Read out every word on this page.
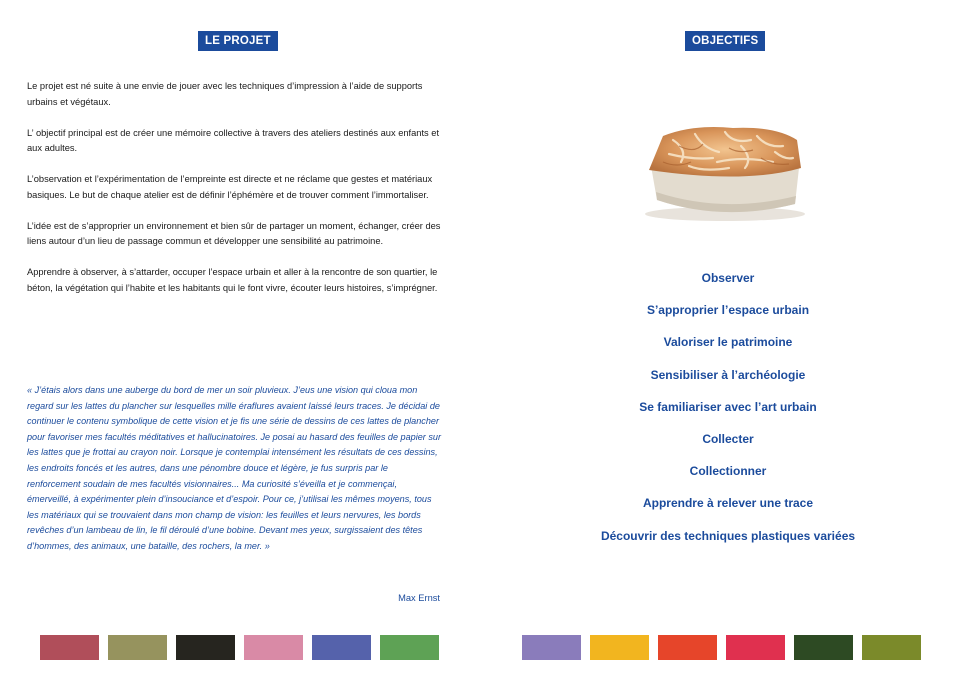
LE PROJET

Le projet est né suite à une envie de jouer avec les techniques d’impression à l’aide de supports urbains et végétaux.

L’ objectif principal est de créer une mémoire collective à travers des ateliers destinés aux enfants et aux adultes.

L’observation et l’expérimentation de l’empreinte est directe et ne réclame que gestes et matériaux basiques. Le but de chaque atelier est de définir l’éphémère et de trouver comment l’immortaliser.

L’idée est de s’approprier un environnement et bien sûr de partager un moment, échanger, créer des liens autour d’un lieu de passage commun et développer une sensibilité au patrimoine.

Apprendre à observer, à s’attarder, occuper l’espace urbain et aller à la rencontre de son quartier, le béton, la végétation qui l’habite et les habitants qui le font vivre, écouter leurs histoires, s’imprégner.

« J’étais alors dans une auberge du bord de mer un soir pluvieux. J’eus une vision qui cloua mon regard sur les lattes du plancher sur lesquelles mille éraflures avaient laissé leurs traces. Je décidai de continuer le contenu symbolique de cette vision et je fis une série de dessins de ces lattes de plancher pour favoriser mes facultés méditatives et hallucinatoires. Je posai au hasard des feuilles de papier sur les lattes que je frottai au crayon noir. Lorsque je contemplai intensément les résultats de ces dessins, les endroits foncés et les autres, dans une pénombre douce et légère, je fus surpris par le renforcement soudain de mes facultés visionnaires... Ma curiosité s’éveilla et je commençai, émerveillé, à expérimenter plein d’insouciance et d’espoir. Pour ce, j’utilisai les mêmes moyens, tous les matériaux qui se trouvaient dans mon champ de vision: les feuilles et leurs nervures, les bords revêches d’un lambeau de lin, le fil déroulé d’une bobine. Devant mes yeux, surgissaient des têtes d’hommes, des animaux, une bataille, des rochers, la mer. »
Max Ernst
OBJECTIFS
Observer
S’approprier l’espace urbain
Valoriser le patrimoine
Sensibiliser à l’archéologie
Se familiariser avec l’art urbain
Collecter
Collectionner
Apprendre à relever une trace
Découvrir des techniques plastiques variées
